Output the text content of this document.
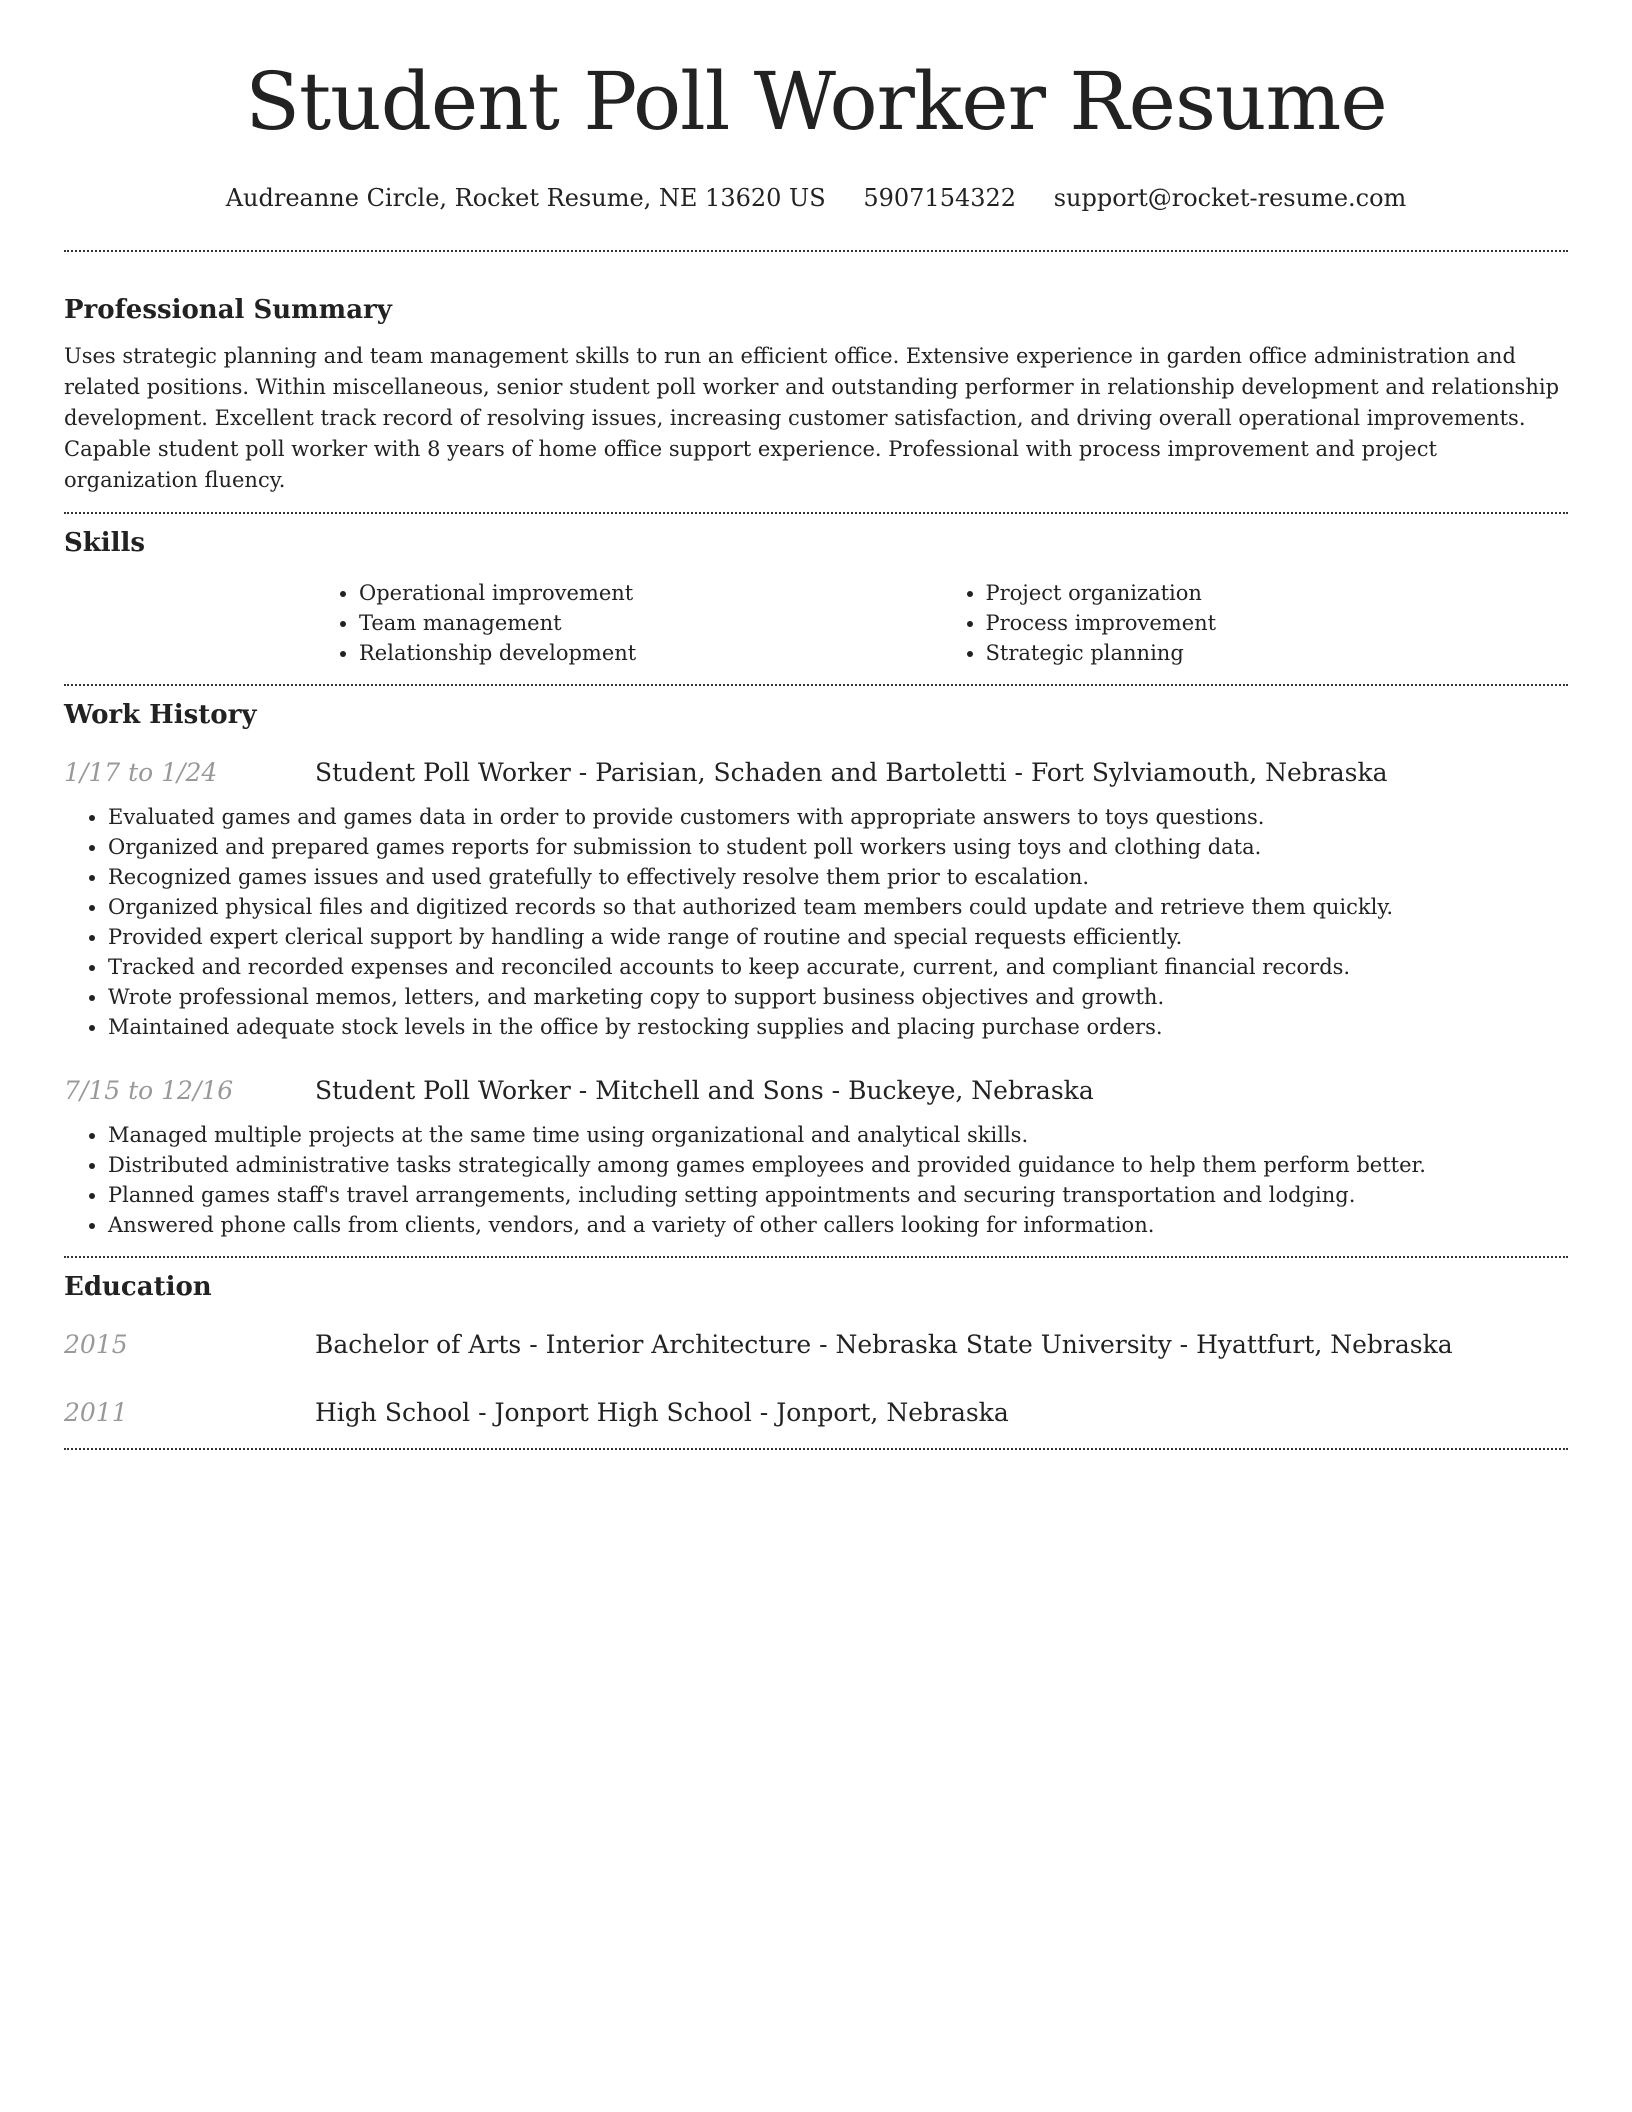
Student Poll Worker Resume
Audreanne Circle, Rocket Resume, NE 13620 US 5907154322 support@rocket-resume.com
Professional Summary

Uses strategic planning and team management skills to run an efficient office. Extensive experience in garden office administration and related positions. Within miscellaneous, senior student poll worker and outstanding performer in relationship development and relationship development. Excellent track record of resolving issues, increasing customer satisfaction, and driving overall operational improvements. Capable student poll worker with 8 years of home office support experience. Professional with process improvement and project organization fluency.

Skills
• Operational improvement
• Team management
• Relationship development
• Project organization
• Process improvement
• Strategic planning
Work History
1/17 to 1/24	Student Poll Worker - Parisian, Schaden and Bartoletti - Fort Sylviamouth, Nebraska
• Evaluated games and games data in order to provide customers with appropriate answers to toys questions.
• Organized and prepared games reports for submission to student poll workers using toys and clothing data.
• Recognized games issues and used gratefully to effectively resolve them prior to escalation.
• Organized physical files and digitized records so that authorized team members could update and retrieve them quickly.
• Provided expert clerical support by handling a wide range of routine and special requests efficiently.
• Tracked and recorded expenses and reconciled accounts to keep accurate, current, and compliant financial records.
• Wrote professional memos, letters, and marketing copy to support business objectives and growth.
• Maintained adequate stock levels in the office by restocking supplies and placing purchase orders.
7/15 to 12/16	Student Poll Worker - Mitchell and Sons - Buckeye, Nebraska
• Managed multiple projects at the same time using organizational and analytical skills.
• Distributed administrative tasks strategically among games employees and provided guidance to help them perform better.
• Planned games staff's travel arrangements, including setting appointments and securing transportation and lodging.
• Answered phone calls from clients, vendors, and a variety of other callers looking for information.
Education
2015	Bachelor of Arts - Interior Architecture - Nebraska State University - Hyattfurt, Nebraska
2011	High School - Jonport High School - Jonport, Nebraska
